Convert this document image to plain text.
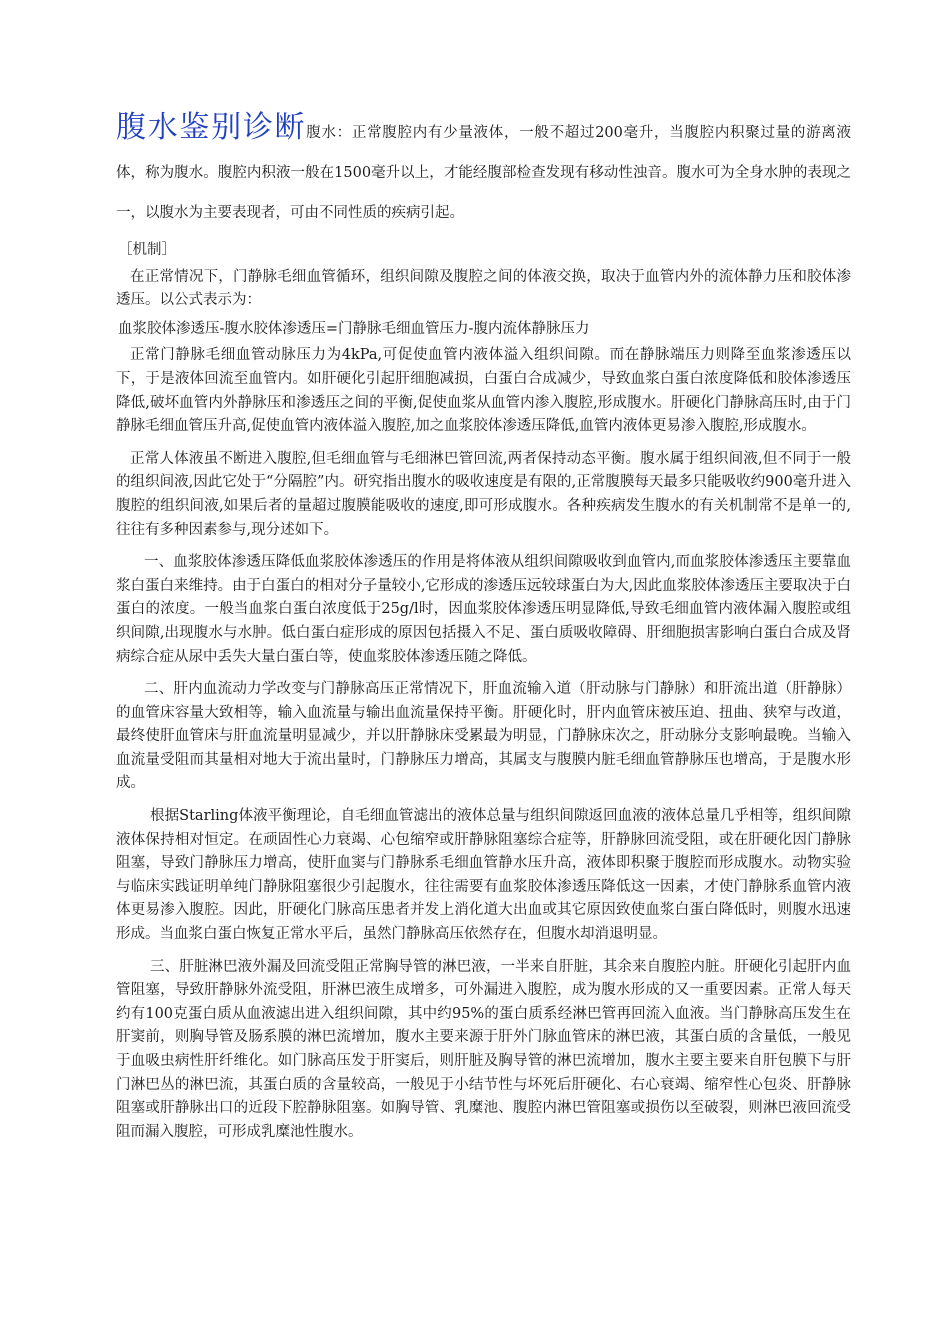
腹水鉴别诊断腹水：正常腹腔内有少量液体，一般不超过200毫升，当腹腔内积聚过量的游离液体，称为腹水。腹腔内积液一般在1500毫升以上，才能经腹部检查发现有移动性浊音。腹水可为全身水肿的表现之一，以腹水为主要表现者，可由不同性质的疾病引起。

［机制］

在正常情况下，门静脉毛细血管循环，组织间隙及腹腔之间的体液交换，取决于血管内外的流体静力压和胶体渗透压。以公式表示为：

血浆胶体渗透压-腹水胶体渗透压=门静脉毛细血管压力-腹内流体静脉压力

正常门静脉毛细血管动脉压力为4kPa,可促使血管内液体溢入组织间隙。而在静脉端压力则降至血浆渗透压以下，于是液体回流至血管内。如肝硬化引起肝细胞减损，白蛋白合成减少，导致血浆白蛋白浓度降低和胶体渗透压降低,破坏血管内外静脉压和渗透压之间的平衡,促使血浆从血管内渗入腹腔,形成腹水。肝硬化门静脉高压时,由于门静脉毛细血管压升高,促使血管内液体溢入腹腔,加之血浆胶体渗透压降低,血管内液体更易渗入腹腔,形成腹水。

正常人体液虽不断进入腹腔,但毛细血管与毛细淋巴管回流,两者保持动态平衡。腹水属于组织间液,但不同于一般的组织间液,因此它处于“分隔腔”内。研究指出腹水的吸收速度是有限的,正常腹膜每天最多只能吸收约900毫升进入腹腔的组织间液,如果后者的量超过腹膜能吸收的速度,即可形成腹水。各种疾病发生腹水的有关机制常不是单一的,往往有多种因素参与,现分述如下。

一、血浆胶体渗透压降低血浆胶体渗透压的作用是将体液从组织间隙吸收到血管内,而血浆胶体渗透压主要靠血浆白蛋白来维持。由于白蛋白的相对分子量较小,它形成的渗透压远较球蛋白为大,因此血浆胶体渗透压主要取决于白蛋白的浓度。一般当血浆白蛋白浓度低于25g/l时，因血浆胶体渗透压明显降低,导致毛细血管内液体漏入腹腔或组织间隙,出现腹水与水肿。低白蛋白症形成的原因包括摄入不足、蛋白质吸收障碍、肝细胞损害影响白蛋白合成及肾病综合症从尿中丢失大量白蛋白等，使血浆胶体渗透压随之降低。

二、肝内血流动力学改变与门静脉高压正常情况下，肝血流输入道（肝动脉与门静脉）和肝流出道（肝静脉）的血管床容量大致相等，输入血流量与输出血流量保持平衡。肝硬化时，肝内血管床被压迫、扭曲、狭窄与改道，最终使肝血管床与肝血流量明显减少，并以肝静脉床受累最为明显，门静脉床次之，肝动脉分支影响最晚。当输入血流量受阻而其量相对地大于流出量时，门静脉压力增高，其属支与腹膜内脏毛细血管静脉压也增高，于是腹水形成。

根据Starling体液平衡理论，自毛细血管滤出的液体总量与组织间隙返回血液的液体总量几乎相等，组织间隙液体保持相对恒定。在顽固性心力衰竭、心包缩窄或肝静脉阻塞综合症等，肝静脉回流受阻，或在肝硬化因门静脉阻塞，导致门静脉压力增高，使肝血窦与门静脉系毛细血管静水压升高，液体即积聚于腹腔而形成腹水。动物实验与临床实践证明单纯门静脉阻塞很少引起腹水，往往需要有血浆胶体渗透压降低这一因素，才使门静脉系血管内液体更易渗入腹腔。因此，肝硬化门脉高压患者并发上消化道大出血或其它原因致使血浆白蛋白降低时，则腹水迅速形成。当血浆白蛋白恢复正常水平后，虽然门静脉高压依然存在，但腹水却消退明显。

三、肝脏淋巴液外漏及回流受阻正常胸导管的淋巴液，一半来自肝脏，其余来自腹腔内脏。肝硬化引起肝内血管阻塞，导致肝静脉外流受阻，肝淋巴液生成增多，可外漏进入腹腔，成为腹水形成的又一重要因素。正常人每天约有100克蛋白质从血液滤出进入组织间隙，其中约95%的蛋白质系经淋巴管再回流入血液。当门静脉高压发生在肝窦前，则胸导管及肠系膜的淋巴流增加，腹水主要来源于肝外门脉血管床的淋巴液，其蛋白质的含量低，一般见于血吸虫病性肝纤维化。如门脉高压发于肝窦后，则肝脏及胸导管的淋巴流增加，腹水主要主要来自肝包膜下与肝门淋巴丛的淋巴流，其蛋白质的含量较高，一般见于小结节性与坏死后肝硬化、右心衰竭、缩窄性心包炎、肝静脉阻塞或肝静脉出口的近段下腔静脉阻塞。如胸导管、乳糜池、腹腔内淋巴管阻塞或损伤以至破裂，则淋巴液回流受阻而漏入腹腔，可形成乳糜池性腹水。
